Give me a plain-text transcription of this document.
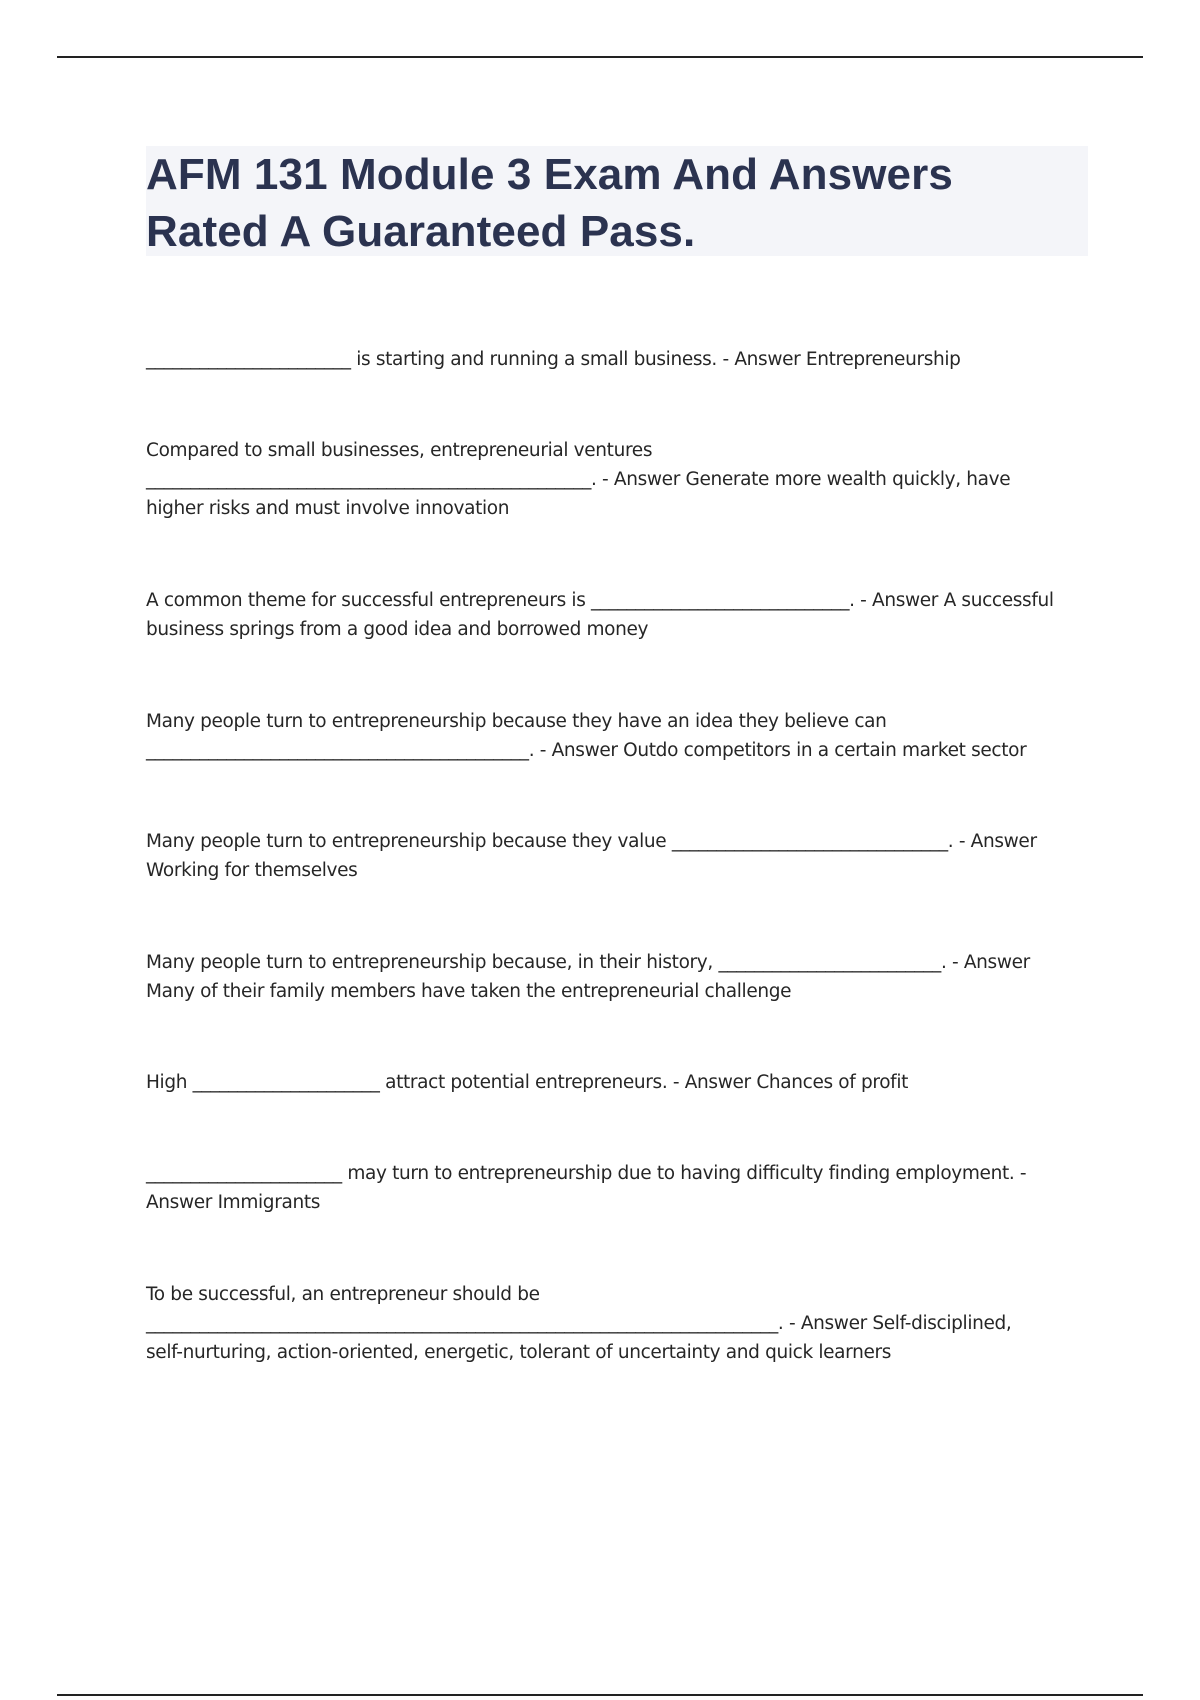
AFM 131 Module 3 Exam And Answers
Rated A Guaranteed Pass.

_______________________ is starting and running a small business. - Answer Entrepreneurship

Compared to small businesses, entrepreneurial ventures
__________________________________________________. - Answer Generate more wealth quickly, have
higher risks and must involve innovation

A common theme for successful entrepreneurs is _____________________________. - Answer A successful
business springs from a good idea and borrowed money

Many people turn to entrepreneurship because they have an idea they believe can
___________________________________________. - Answer Outdo competitors in a certain market sector

Many people turn to entrepreneurship because they value _______________________________. - Answer
Working for themselves

Many people turn to entrepreneurship because, in their history, _________________________. - Answer
Many of their family members have taken the entrepreneurial challenge

High _____________________ attract potential entrepreneurs. - Answer Chances of profit

______________________ may turn to entrepreneurship due to having difficulty finding employment. -
Answer Immigrants

To be successful, an entrepreneur should be
_______________________________________________________________________. - Answer Self-disciplined,
self-nurturing, action-oriented, energetic, tolerant of uncertainty and quick learners
